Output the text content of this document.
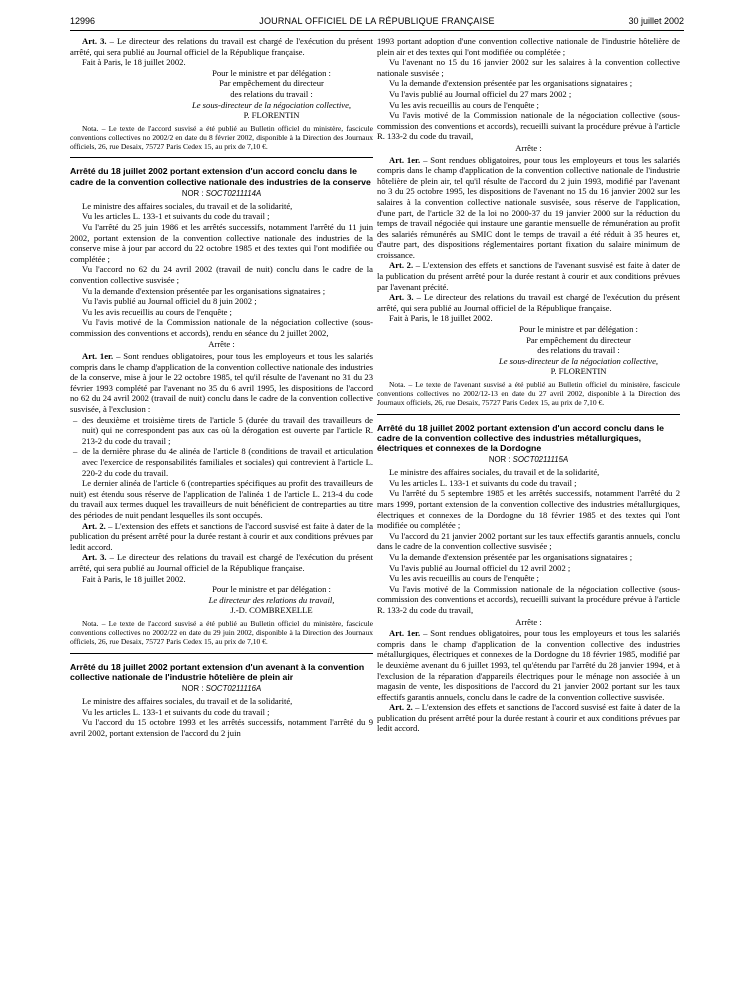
12996	JOURNAL OFFICIEL DE LA RÉPUBLIQUE FRANÇAISE	30 juillet 2002

Art. 3. – Le directeur des relations du travail est chargé de l'exécution du présent arrêté, qui sera publié au Journal officiel de la République française.

Fait à Paris, le 18 juillet 2002.

Pour le ministre et par délégation :

Par empêchement du directeur

des relations du travail :

Le sous-directeur de la négociation collective,

P. FLORENTIN

Nota. – Le texte de l'accord susvisé a été publié au Bulletin officiel du ministère, fascicule conventions collectives no 2002/2 en date du 8 février 2002, disponible à la Direction des Journaux officiels, 26, rue Desaix, 75727 Paris Cedex 15, au prix de 7,10 €.

Arrêté du 18 juillet 2002 portant extension d'un accord conclu dans le cadre de la convention collective nationale des industries de la conserve
NOR : SOCT0211114A

Le ministre des affaires sociales, du travail et de la solidarité,

Vu les articles L. 133-1 et suivants du code du travail ;

Vu l'arrêté du 25 juin 1986 et les arrêtés successifs, notamment l'arrêté du 11 juin 2002, portant extension de la convention collective nationale des industries de la conserve mise à jour par accord du 22 octobre 1985 et des textes qui l'ont modifiée ou complétée ;

Vu l'accord no 62 du 24 avril 2002 (travail de nuit) conclu dans le cadre de la convention collective susvisée ;

Vu la demande d'extension présentée par les organisations signataires ;

Vu l'avis publié au Journal officiel du 8 juin 2002 ;

Vu les avis recueillis au cours de l'enquête ;

Vu l'avis motivé de la Commission nationale de la négociation collective (sous-commission des conventions et accords), rendu en séance du 2 juillet 2002,

Arrête :

Art. 1er. – Sont rendues obligatoires, pour tous les employeurs et tous les salariés compris dans le champ d'application de la convention collective nationale des industries de la conserve, mise à jour le 22 octobre 1985, tel qu'il résulte de l'avenant no 31 du 23 février 1993 complété par l'avenant no 35 du 6 avril 1995, les dispositions de l'accord no 62 du 24 avril 2002 (travail de nuit) conclu dans le cadre de la convention collective susvisée, à l'exclusion :

– des deuxième et troisième tirets de l'article 5 (durée du travail des travailleurs de nuit) qui ne correspondent pas aux cas où la dérogation est ouverte par l'article R. 213-2 du code du travail ;
– de la dernière phrase du 4e alinéa de l'article 8 (conditions de travail et articulation avec l'exercice de responsabilités familiales et sociales) qui contrevient à l'article L. 220-2 du code du travail.

Le dernier alinéa de l'article 6 (contreparties spécifiques au profit des travailleurs de nuit) est étendu sous réserve de l'application de l'alinéa 1 de l'article L. 213-4 du code du travail aux termes duquel les travailleurs de nuit bénéficient de contreparties au titre des périodes de nuit pendant lesquelles ils sont occupés.

Art. 2. – L'extension des effets et sanctions de l'accord susvisé est faite à dater de la publication du présent arrêté pour la durée restant à courir et aux conditions prévues par ledit accord.

Art. 3. – Le directeur des relations du travail est chargé de l'exécution du présent arrêté, qui sera publié au Journal officiel de la République française.

Fait à Paris, le 18 juillet 2002.

Pour le ministre et par délégation :

Le directeur des relations du travail,

J.-D. COMBREXELLE

Nota. – Le texte de l'accord susvisé a été publié au Bulletin officiel du ministère, fascicule conventions collectives no 2002/22 en date du 29 juin 2002, disponible à la Direction des Journaux officiels, 26, rue Desaix, 75727 Paris Cedex 15, au prix de 7,10 €.

Arrêté du 18 juillet 2002 portant extension d'un avenant à la convention collective nationale de l'industrie hôtelière de plein air
NOR : SOCT0211116A

Le ministre des affaires sociales, du travail et de la solidarité,

Vu les articles L. 133-1 et suivants du code du travail ;

Vu l'accord du 15 octobre 1993 et les arrêtés successifs, notamment l'arrêté du 9 avril 2002, portant extension de l'accord du 2 juin

1993 portant adoption d'une convention collective nationale de l'industrie hôtelière de plein air et des textes qui l'ont modifiée ou complétée ;

Vu l'avenant no 15 du 16 janvier 2002 sur les salaires à la convention collective nationale susvisée ;

Vu la demande d'extension présentée par les organisations signataires ;

Vu l'avis publié au Journal officiel du 27 mars 2002 ;

Vu les avis recueillis au cours de l'enquête ;

Vu l'avis motivé de la Commission nationale de la négociation collective (sous-commission des conventions et accords), recueilli suivant la procédure prévue à l'article R. 133-2 du code du travail,

Arrête :

Art. 1er. – Sont rendues obligatoires, pour tous les employeurs et tous les salariés compris dans le champ d'application de la convention collective nationale de l'industrie hôtelière de plein air, tel qu'il résulte de l'accord du 2 juin 1993, modifié par l'avenant no 3 du 25 octobre 1995, les dispositions de l'avenant no 15 du 16 janvier 2002 sur les salaires à la convention collective nationale susvisée, sous réserve de l'application, d'une part, de l'article 32 de la loi no 2000-37 du 19 janvier 2000 sur la réduction du temps de travail négociée qui instaure une garantie mensuelle de rémunération au profit des salariés rémunérés au SMIC dont le temps de travail a été réduit à 35 heures et, d'autre part, des dispositions réglementaires portant fixation du salaire minimum de croissance.

Art. 2. – L'extension des effets et sanctions de l'avenant susvisé est faite à dater de la publication du présent arrêté pour la durée restant à courir et aux conditions prévues par l'avenant précité.

Art. 3. – Le directeur des relations du travail est chargé de l'exécution du présent arrêté, qui sera publié au Journal officiel de la République française.

Fait à Paris, le 18 juillet 2002.

Pour le ministre et par délégation :

Par empêchement du directeur

des relations du travail :

Le sous-directeur de la négociation collective,

P. FLORENTIN

Nota. – Le texte de l'avenant susvisé a été publié au Bulletin officiel du ministère, fascicule conventions collectives no 2002/12-13 en date du 27 avril 2002, disponible à la Direction des Journaux officiels, 26, rue Desaix, 75727 Paris Cedex 15, au prix de 7,10 €.

Arrêté du 18 juillet 2002 portant extension d'un accord conclu dans le cadre de la convention collective des industries métallurgiques, électriques et connexes de la Dordogne
NOR : SOCT0211115A

Le ministre des affaires sociales, du travail et de la solidarité,

Vu les articles L. 133-1 et suivants du code du travail ;

Vu l'arrêté du 5 septembre 1985 et les arrêtés successifs, notamment l'arrêté du 2 mars 1999, portant extension de la convention collective des industries métallurgiques, électriques et connexes de la Dordogne du 18 février 1985 et des textes qui l'ont modifiée ou complétée ;

Vu l'accord du 21 janvier 2002 portant sur les taux effectifs garantis annuels, conclu dans le cadre de la convention collective susvisée ;

Vu la demande d'extension présentée par les organisations signataires ;

Vu l'avis publié au Journal officiel du 12 avril 2002 ;

Vu les avis recueillis au cours de l'enquête ;

Vu l'avis motivé de la Commission nationale de la négociation collective (sous-commission des conventions et accords), recueilli suivant la procédure prévue à l'article R. 133-2 du code du travail,

Arrête :

Art. 1er. – Sont rendues obligatoires, pour tous les employeurs et tous les salariés compris dans le champ d'application de la convention collective des industries métallurgiques, électriques et connexes de la Dordogne du 18 février 1985, modifié par le deuxième avenant du 6 juillet 1993, tel qu'étendu par l'arrêté du 28 janvier 1994, et à l'exclusion de la réparation d'appareils électriques pour le ménage non associée à un magasin de vente, les dispositions de l'accord du 21 janvier 2002 portant sur les taux effectifs garantis annuels, conclu dans le cadre de la convention collective susvisée.

Art. 2. – L'extension des effets et sanctions de l'accord susvisé est faite à dater de la publication du présent arrêté pour la durée restant à courir et aux conditions prévues par ledit accord.
